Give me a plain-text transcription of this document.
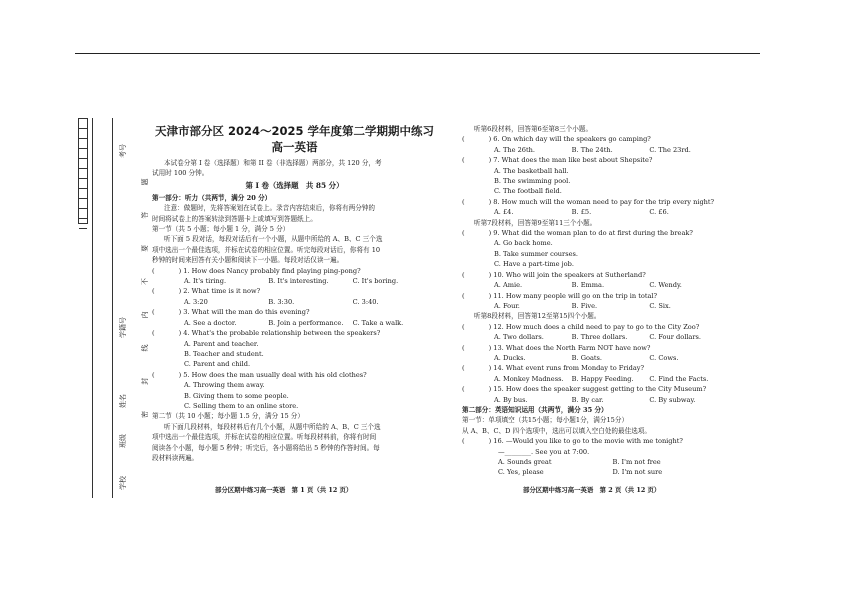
考号
学籍号
姓名
班级
学校
密 封 线 内 不 要 答 题
天津市部分区 2024～2025 学年度第二学期期中练习
高一英语
本试卷分第 I 卷（选择题）和第 II 卷（非选择题）两部分，共 120 分，考
试用时 100 分钟。
第 I 卷（选择题　共 85 分）
第一部分：听力（共两节，满分 20 分）
注意：做题时，先将答案划在试卷上。录音内容结束后，你将有两分钟的
时间将试卷上的答案转涂到答题卡上或填写到答题纸上。
第一节（共 5 小题；每小题 1 分，满分 5 分）
听下面 5 段对话，每段对话后有一个小题，从题中所给的 A、B、C 三个选
项中选出一个最佳选项，并标在试卷的相应位置。听完每段对话后，你将有 10
秒钟的时间来回答有关小题和阅读下一小题。每段对话仅读一遍。
(	　) 1. How does Nancy probably find playing ping-pong?
A. It's tiring.	B. It's interesting.	C. It's boring.
(	　) 2. What time is it now?
A. 3:20	B. 3:30.	C. 3:40.
(	　) 3. What will the man do this evening?
A. See a doctor.	B. Join a performance.	C. Take a walk.
(	　) 4. What's the probable relationship between the speakers?
A. Parent and teacher.
B. Teacher and student.
C. Parent and child.
(	　) 5. How does the man usually deal with his old clothes?
A. Throwing them away.
B. Giving them to some people.
C. Selling them to an online store.
第二节（共 10 小题；每小题 1.5 分，满分 15 分）
听下面几段材料，每段材料后有几个小题，从题中所给的 A、B、C 三个选
项中选出一个最佳选项，并标在试卷的相应位置。听每段材料前，你将有时间
阅读各个小题，每小题 5 秒钟；听完后，各小题将给出 5 秒钟的作答时间。每
段材料读两遍。
听第6段材料，回答第6至第8三个小题。
(	　) 6. On which day will the speakers go camping?
A. The 26th.	B. The 24th.	C. The 23rd.
(	　) 7. What does the man like best about Shepsite?
A. The basketball hall.
B. The swimming pool.
C. The football field.
(	　) 8. How much will the woman need to pay for the trip every night?
A. £4.	B. £5.	C. £6.
听第7段材料，回答第9至第11三个小题。
(	　) 9. What did the woman plan to do at first during the break?
A. Go back home.
B. Take summer courses.
C. Have a part-time job.
(	　) 10. Who will join the speakers at Sutherland?
A. Amie.	B. Emma.	C. Wendy.
(	　) 11. How many people will go on the trip in total?
A. Four.	B. Five.	C. Six.
听第8段材料，回答第12至第15四个小题。
(	　) 12. How much does a child need to pay to go to the City Zoo?
A. Two dollars.	B. Three dollars.	C. Four dollars.
(	　) 13. What does the North Farm NOT have now?
A. Ducks.	B. Goats.	C. Cows.
(	　) 14. What event runs from Monday to Friday?
A. Monkey Madness.	B. Happy Feeding.	C. Find the Facts.
(	　) 15. How does the speaker suggest getting to the City Museum?
A. By bus.	B. By car.	C. By subway.
第二部分：英语知识运用（共两节，满分 35 分）
第一节：单项填空（共15小题；每小题1分，满分15分）
从 A、B、C、D 四个选项中，选出可以填入空白处的最佳选项。
(	　) 16. —Would you like to go to the movie with me tonight?
—________. See you at 7:00.
A. Sounds great	B. I'm not free
C. Yes, please	D. I'm not sure
部分区期中练习高一英语　第 1 页（共 12 页）	部分区期中练习高一英语　第 2 页（共 12 页）
